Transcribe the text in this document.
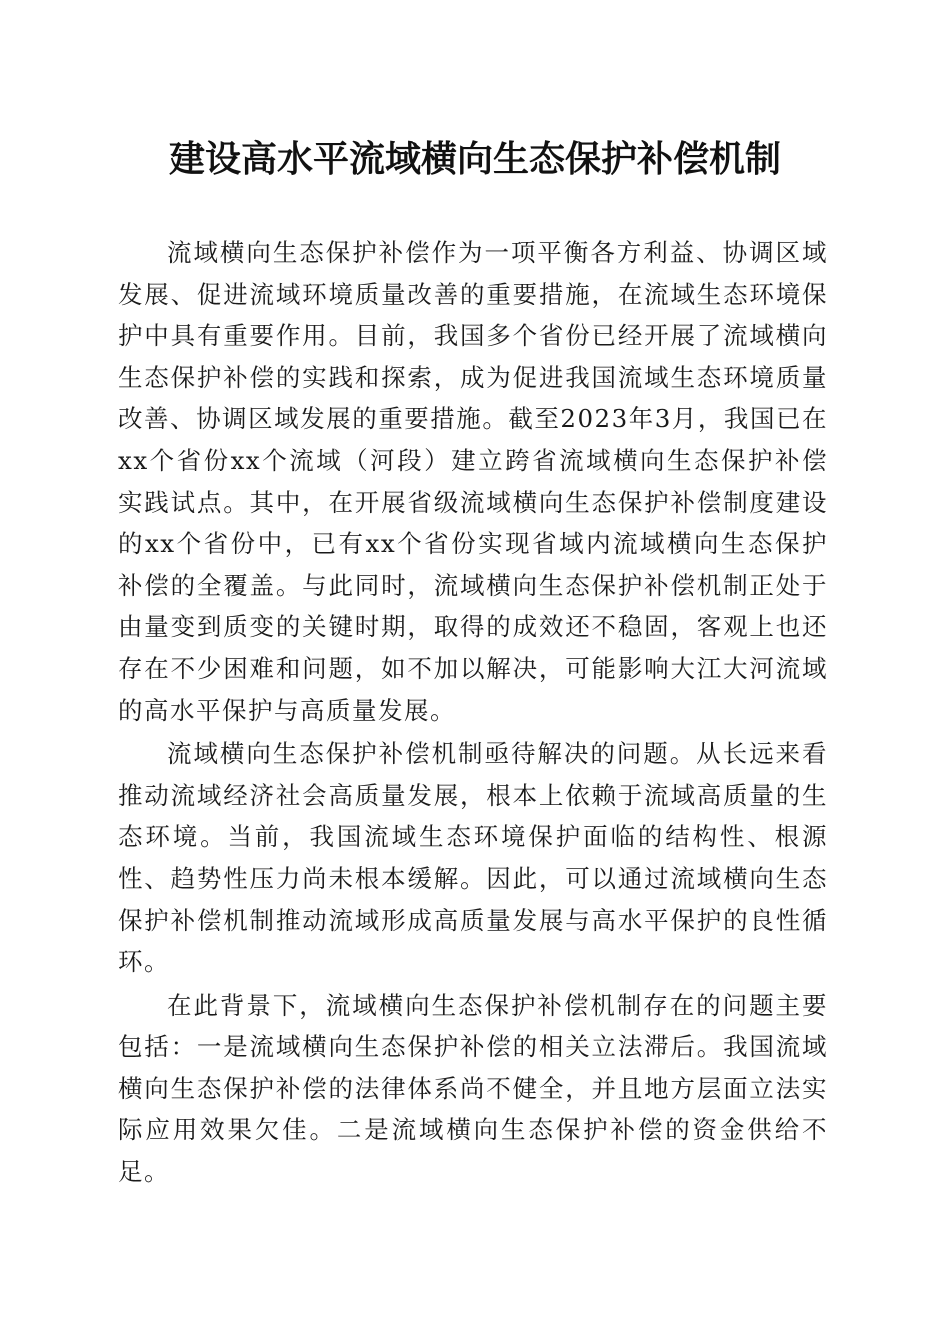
建设高水平流域横向生态保护补偿机制

流域横向生态保护补偿作为一项平衡各方利益、协调区域发展、促进流域环境质量改善的重要措施，在流域生态环境保护中具有重要作用。目前，我国多个省份已经开展了流域横向生态保护补偿的实践和探索，成为促进我国流域生态环境质量改善、协调区域发展的重要措施。截至2023年3月，我国已在xx个省份xx个流域（河段）建立跨省流域横向生态保护补偿实践试点。其中，在开展省级流域横向生态保护补偿制度建设的xx个省份中，已有xx个省份实现省域内流域横向生态保护补偿的全覆盖。与此同时，流域横向生态保护补偿机制正处于由量变到质变的关键时期，取得的成效还不稳固，客观上也还存在不少困难和问题，如不加以解决，可能影响大江大河流域的高水平保护与高质量发展。

流域横向生态保护补偿机制亟待解决的问题。从长远来看推动流域经济社会高质量发展，根本上依赖于流域高质量的生态环境。当前，我国流域生态环境保护面临的结构性、根源性、趋势性压力尚未根本缓解。因此，可以通过流域横向生态保护补偿机制推动流域形成高质量发展与高水平保护的良性循环。

在此背景下，流域横向生态保护补偿机制存在的问题主要包括：一是流域横向生态保护补偿的相关立法滞后。我国流域横向生态保护补偿的法律体系尚不健全，并且地方层面立法实际应用效果欠佳。二是流域横向生态保护补偿的资金供给不足。
